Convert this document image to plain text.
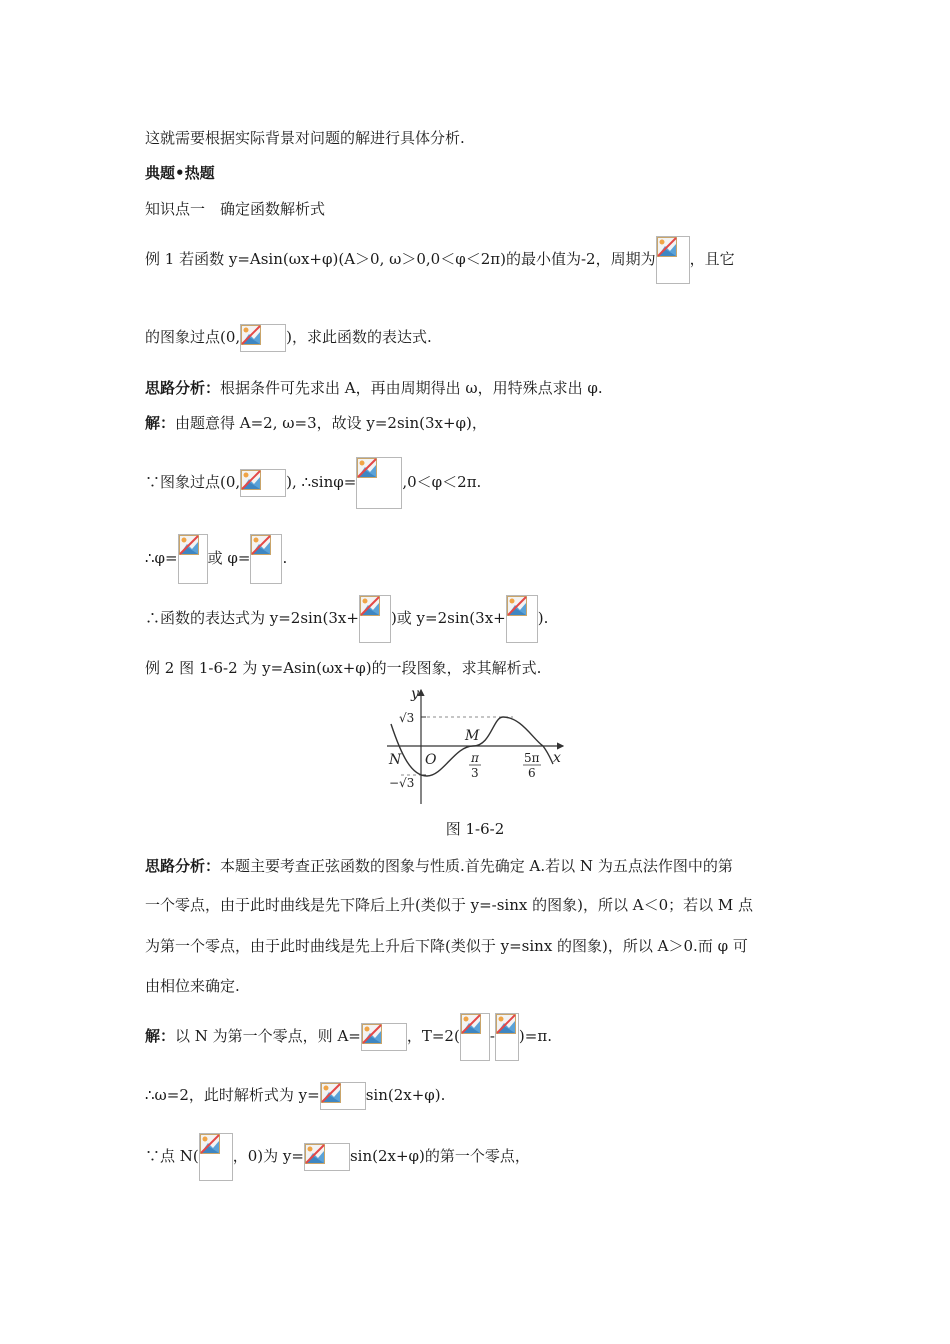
这就需要根据实际背景对问题的解进行具体分析.
典题•热题
知识点一　确定函数解析式
例 1 若函数 y=Asin(ωx+φ)(A＞0, ω＞0,0＜φ＜2π)的最小值为-2，周期为 ，且它
的图象过点(0,	)，求此函数的表达式.
思路分析：根据条件可先求出 A，再由周期得出 ω，用特殊点求出 φ.
解：由题意得 A=2, ω=3，故设 y=2sin(3x+φ)，
∵图象过点(0,	), ∴sinφ=	,0＜φ＜2π.
∴φ= 或 φ= .
∴函数的表达式为 y=2sin(3x+ )或 y=2sin(3x+ ).
例 2 图 1-6-2 为 y=Asin(ωx+φ)的一段图象，求其解析式.
y
x
√3
−√3
O
N
M
π
3
5π
6
图 1-6-2
思路分析：本题主要考查正弦函数的图象与性质.首先确定 A.若以 N 为五点法作图中的第
一个零点，由于此时曲线是先下降后上升(类似于 y=-sinx 的图象)，所以 A＜0；若以 M 点
为第一个零点，由于此时曲线是先上升后下降(类似于 y=sinx 的图象)，所以 A＞0.而 φ 可
由相位来确定.
解：以 N 为第一个零点，则 A=	，T=2( - )=π.
∴ω=2，此时解析式为 y=	sin(2x+φ).
∵点 N( ，0)为 y=	sin(2x+φ)的第一个零点，
